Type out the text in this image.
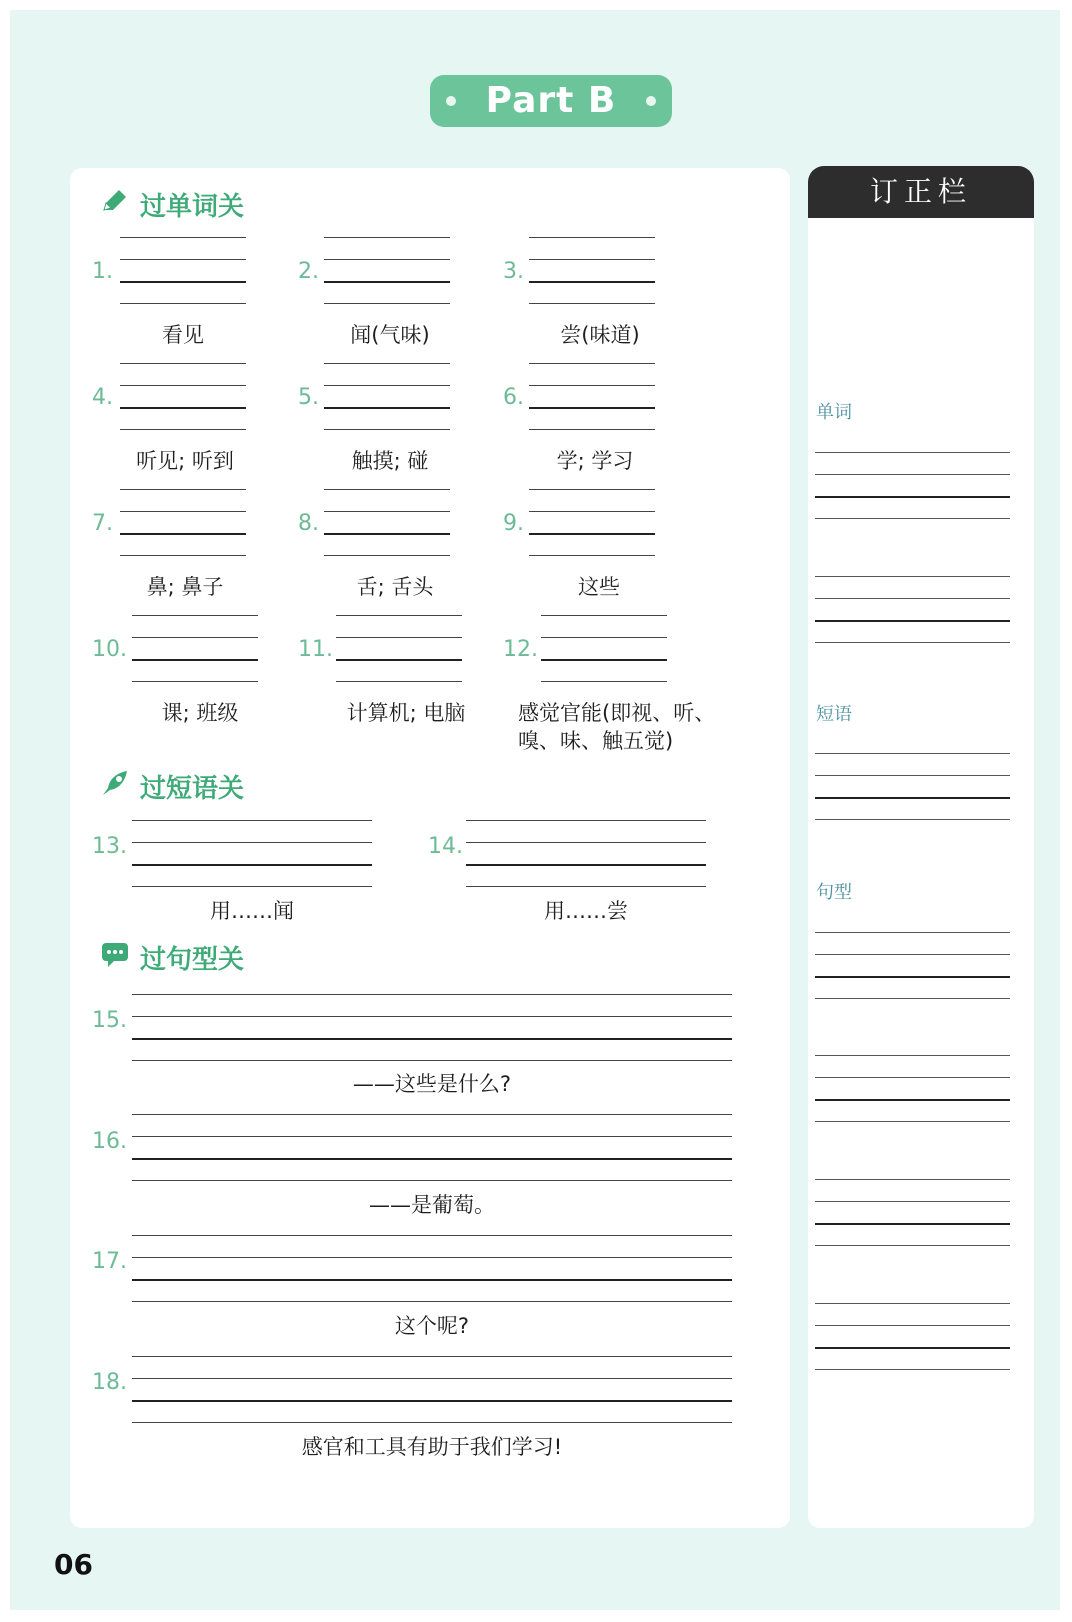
Part B
订正栏
过单词关
1.
看见
2.
闻(气味)
3.
尝(味道)
4.
听见; 听到
5.
触摸; 碰
6.
学; 学习
7.
鼻; 鼻子
8.
舌; 舌头
9.
这些
10.
课; 班级
11.
计算机; 电脑
12.
感觉官能(即视、听、
嗅、味、触五觉)
过短语关
13.
用……闻
14.
用……尝
过句型关
15.
——这些是什么?
16.
——是葡萄。
17.
这个呢?
18.
感官和工具有助于我们学习!
单词
短语
句型
06
